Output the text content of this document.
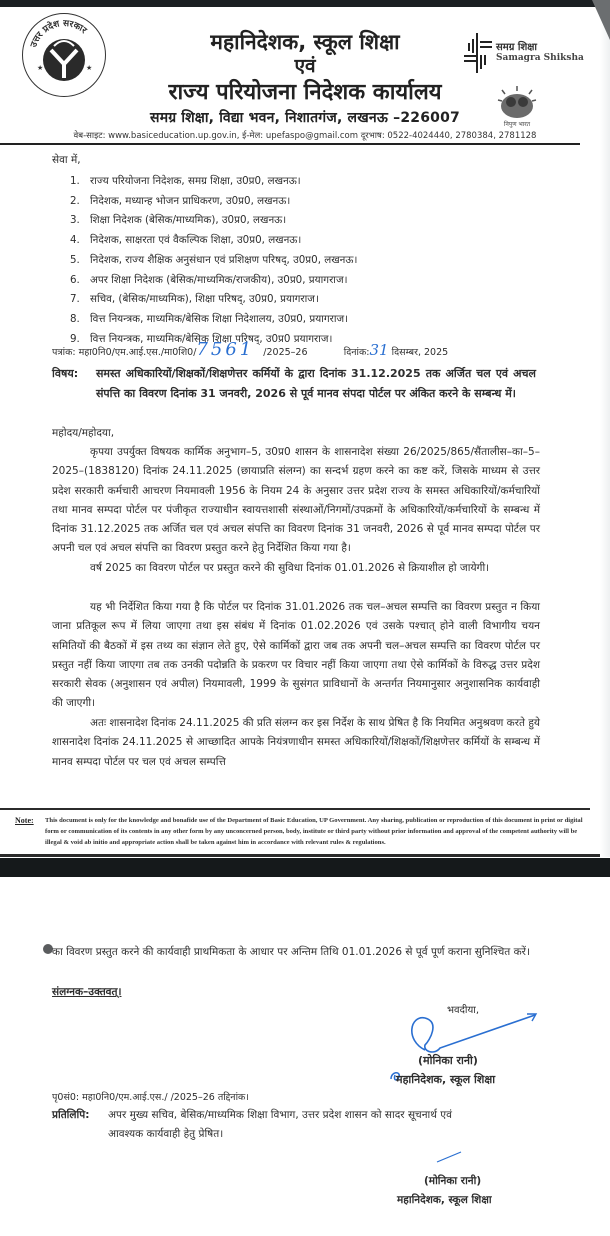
उत्तर प्रदेश सरकार
★	★
महानिदेशक, स्कूल शिक्षा
एवं
राज्य परियोजना निदेशक कार्यालय
समग्र शिक्षा, विद्या भवन, निशातगंज, लखनऊ –226007
वेब-साइट: www.basiceducation.up.gov.in, ई-मेल: upefaspo@gmail.com दूरभाष: 0522-4024440, 2780384, 2781128
समग्र शिक्षा
Samagra Shiksha
निपुण भारत
सेवा में,
1. राज्य परियोजना निदेशक, समग्र शिक्षा, उ0प्र0, लखनऊ।
2. निदेशक, मध्यान्ह भोजन प्राधिकरण, उ0प्र0, लखनऊ।
3. शिक्षा निदेशक (बेसिक/माध्यमिक), उ0प्र0, लखनऊ।
4. निदेशक, साक्षरता एवं वैकल्पिक शिक्षा, उ0प्र0, लखनऊ।
5. निदेशक, राज्य शैक्षिक अनुसंधान एवं प्रशिक्षण परिषद्, उ0प्र0, लखनऊ।
6. अपर शिक्षा निदेशक (बेसिक/माध्यमिक/राजकीय), उ0प्र0, प्रयागराज।
7. सचिव, (बेसिक/माध्यमिक), शिक्षा परिषद्, उ0प्र0, प्रयागराज।
8. वित्त नियन्त्रक, माध्यमिक/बेसिक शिक्षा निदेशालय, उ0प्र0, प्रयागराज।
9. वित्त नियन्त्रक, माध्यमिक/बेसिक शिक्षा परिषद्, उ0प्र0 प्रयागराज।
पत्रांक: महा0नि0/एम.आई.एस./मा0शि0/7561 /2025–26	दिनांक:31 दिसम्बर, 2025
विषय: समस्त अधिकारियों/शिक्षकों/शिक्षणेत्तर कर्मियों के द्वारा दिनांक 31.12.2025 तक अर्जित चल एवं अचल संपत्ति का विवरण दिनांक 31 जनवरी, 2026 से पूर्व मानव संपदा पोर्टल पर अंकित करने के सम्बन्ध में।
महोदय/महोदया,
कृपया उपर्युक्त विषयक कार्मिक अनुभाग–5, उ0प्र0 शासन के शासनादेश संख्या 26/2025/865/सैंतालीस–का–5–2025–(1838120) दिनांक 24.11.2025 (छायाप्रति संलग्न) का सन्दर्भ ग्रहण करने का कष्ट करें, जिसके माध्यम से उत्तर प्रदेश सरकारी कर्मचारी आचरण नियमावली 1956 के नियम 24 के अनुसार उत्तर प्रदेश राज्य के समस्त अधिकारियों/कर्मचारियों तथा मानव सम्पदा पोर्टल पर पंजीकृत राज्याधीन स्वायत्तशासी संस्थाओं/निगमों/उपक्रमों के अधिकारियों/कर्मचारियों के सम्बन्ध में दिनांक 31.12.2025 तक अर्जित चल एवं अचल संपत्ति का विवरण दिनांक 31 जनवरी, 2026 से पूर्व मानव सम्पदा पोर्टल पर अपनी चल एवं अचल संपत्ति का विवरण प्रस्तुत करने हेतु निर्देशित किया गया है।
वर्ष 2025 का विवरण पोर्टल पर प्रस्तुत करने की सुविधा दिनांक 01.01.2026 से क्रियाशील हो जायेगी।
यह भी निर्देशित किया गया है कि पोर्टल पर दिनांक 31.01.2026 तक चल–अचल सम्पत्ति का विवरण प्रस्तुत न किया जाना प्रतिकूल रूप में लिया जाएगा तथा इस संबंध में दिनांक 01.02.2026 एवं उसके पश्चात् होने वाली विभागीय चयन समितियों की बैठकों में इस तथ्य का संज्ञान लेते हुए, ऐसे कार्मिकों द्वारा जब तक अपनी चल–अचल सम्पत्ति का विवरण पोर्टल पर प्रस्तुत नहीं किया जाएगा तब तक उनकी पदोन्नति के प्रकरण पर विचार नहीं किया जाएगा तथा ऐसे कार्मिकों के विरुद्ध उत्तर प्रदेश सरकारी सेवक (अनुशासन एवं अपील) नियमावली, 1999 के सुसंगत प्राविधानों के अन्तर्गत नियमानुसार अनुशासनिक कार्यवाही की जाएगी।
अतः शासनादेश दिनांक 24.11.2025 की प्रति संलग्न कर इस निर्देश के साथ प्रेषित है कि नियमित अनुश्रवण करते हुये शासनादेश दिनांक 24.11.2025 से आच्छादित आपके नियंत्रणाधीन समस्त अधिकारियों/शिक्षकों/शिक्षणेत्तर कर्मियों के सम्बन्ध में मानव सम्पदा पोर्टल पर चल एवं अचल सम्पत्ति
Note: This document is only for the knowledge and bonafide use of the Department of Basic Education, UP Government. Any sharing, publication or reproduction of this document in print or digital form or communication of its contents in any other form by any unconcerned person, body, institute or third party without prior information and approval of the competent authority will be illegal & void ab initio and appropriate action shall be taken against him in accordance with relevant rules & regulations.
का विवरण प्रस्तुत करने की कार्यवाही प्राथमिकता के आधार पर अन्तिम तिथि 01.01.2026 से पूर्व पूर्ण कराना सुनिश्चित करें।
संलग्नक–उक्तवत्।
भवदीया,
(मोनिका रानी)
महानिदेशक, स्कूल शिक्षा
पृ0सं0: महा0नि0/एम.आई.एस./ /2025–26 तद्दिनांक।
प्रतिलिपि: अपर मुख्य सचिव, बेसिक/माध्यमिक शिक्षा विभाग, उत्तर प्रदेश शासन को सादर सूचनार्थ एवं
आवश्यक कार्यवाही हेतु प्रेषित।
(मोनिका रानी)
महानिदेशक, स्कूल शिक्षा
